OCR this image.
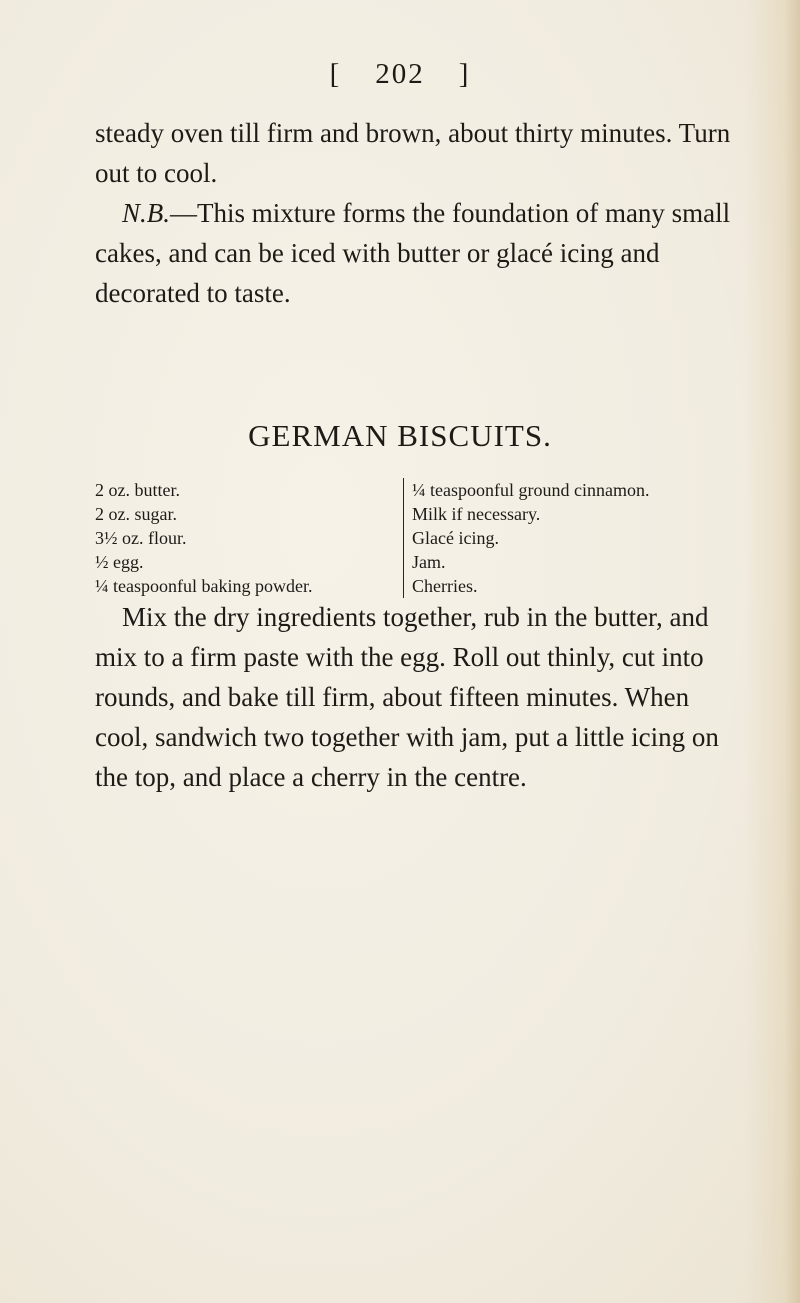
[ 202 ]

steady oven till firm and brown, about thirty minutes. Turn out to cool.

N.B.—This mixture forms the foundation of many small cakes, and can be iced with butter or glacé icing and decorated to taste.

GERMAN BISCUITS.
2 oz. butter.
2 oz. sugar.
3½ oz. flour.
½ egg.
¼ teaspoonful baking powder.
¼ teaspoonful ground cinnamon.
Milk if necessary.
Glacé icing.
Jam.
Cherries.

Mix the dry ingredients together, rub in the butter, and mix to a firm paste with the egg. Roll out thinly, cut into rounds, and bake till firm, about fifteen minutes. When cool, sandwich two together with jam, put a little icing on the top, and place a cherry in the centre.
